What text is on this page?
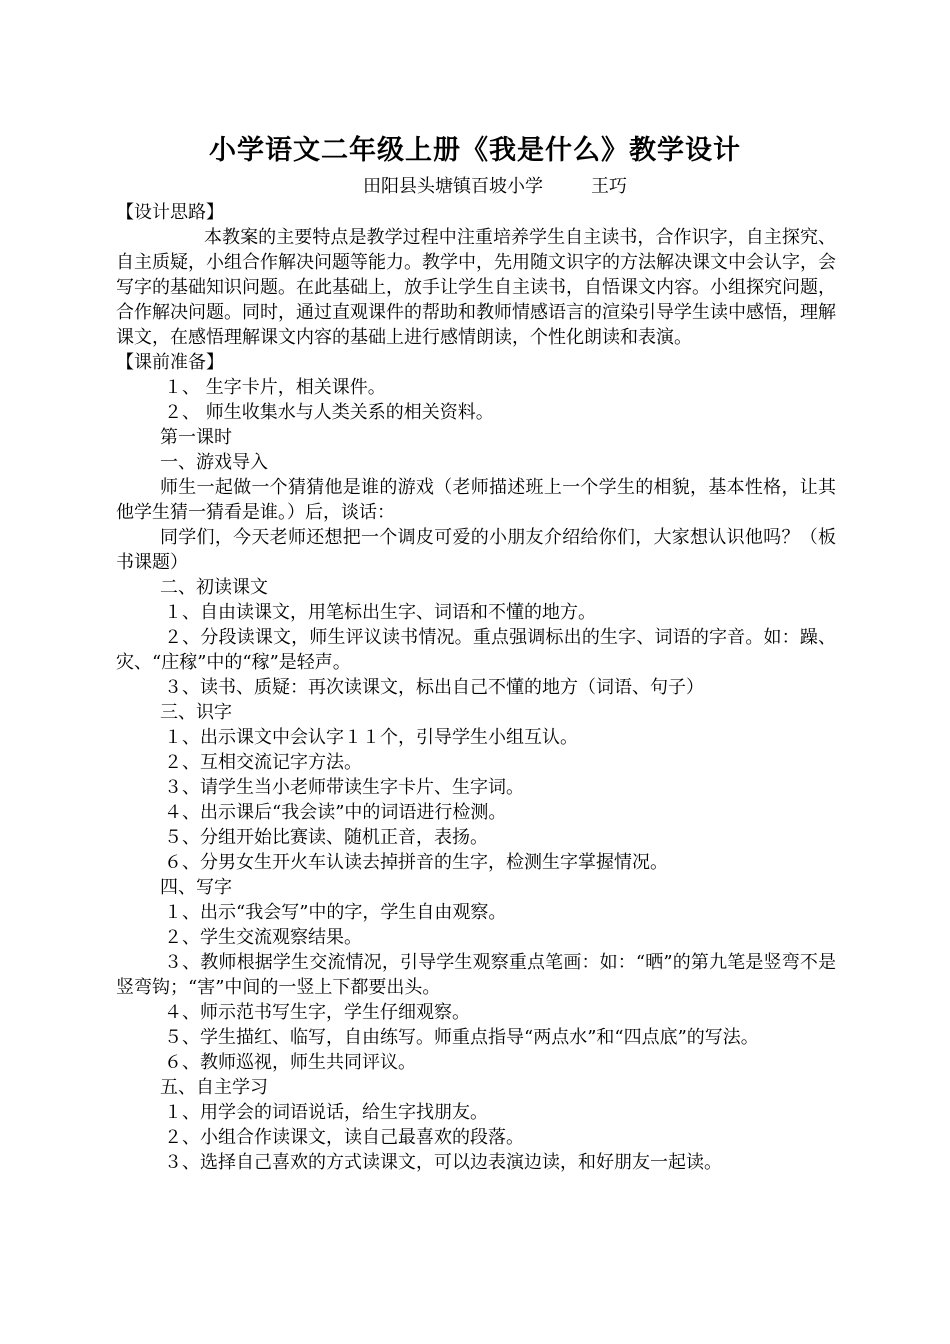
小学语文二年级上册《我是什么》教学设计
田阳县头塘镇百坡小学	王巧

【设计思路】

本教案的主要特点是教学过程中注重培养学生自主读书，合作识字，自主探究、自主质疑，小组合作解决问题等能力。教学中，先用随文识字的方法解决课文中会认字，会写字的基础知识问题。在此基础上，放手让学生自主读书，自悟课文内容。小组探究问题，合作解决问题。同时，通过直观课件的帮助和教师情感语言的渲染引导学生读中感悟，理解课文，在感悟理解课文内容的基础上进行感情朗读，个性化朗读和表演。

【课前准备】

１、 生字卡片，相关课件。

２、 师生收集水与人类关系的相关资料。

第一课时

一、游戏导入

师生一起做一个猜猜他是谁的游戏（老师描述班上一个学生的相貌，基本性格，让其他学生猜一猜看是谁。）后，谈话：

同学们，今天老师还想把一个调皮可爱的小朋友介绍给你们，大家想认识他吗？（板书课题）

二、初读课文

１、自由读课文，用笔标出生字、词语和不懂的地方。

２、分段读课文，师生评议读书情况。重点强调标出的生字、词语的字音。如：躁、灾、“庄稼”中的“稼”是轻声。

３、读书、质疑：再次读课文，标出自己不懂的地方（词语、句子）

三、识字

１、出示课文中会认字１１个，引导学生小组互认。

２、互相交流记字方法。

３、请学生当小老师带读生字卡片、生字词。

４、出示课后“我会读”中的词语进行检测。

５、分组开始比赛读、随机正音，表扬。

６、分男女生开火车认读去掉拼音的生字，检测生字掌握情况。

四、写字

１、出示“我会写”中的字，学生自由观察。

２、学生交流观察结果。

３、教师根据学生交流情况，引导学生观察重点笔画：如：“晒”的第九笔是竖弯不是竖弯钩；“害”中间的一竖上下都要出头。

４、师示范书写生字，学生仔细观察。

５、学生描红、临写，自由练写。师重点指导“两点水”和“四点底”的写法。

６、教师巡视，师生共同评议。

五、自主学习

１、用学会的词语说话，给生字找朋友。

２、小组合作读课文，读自己最喜欢的段落。

３、选择自己喜欢的方式读课文，可以边表演边读，和好朋友一起读。
